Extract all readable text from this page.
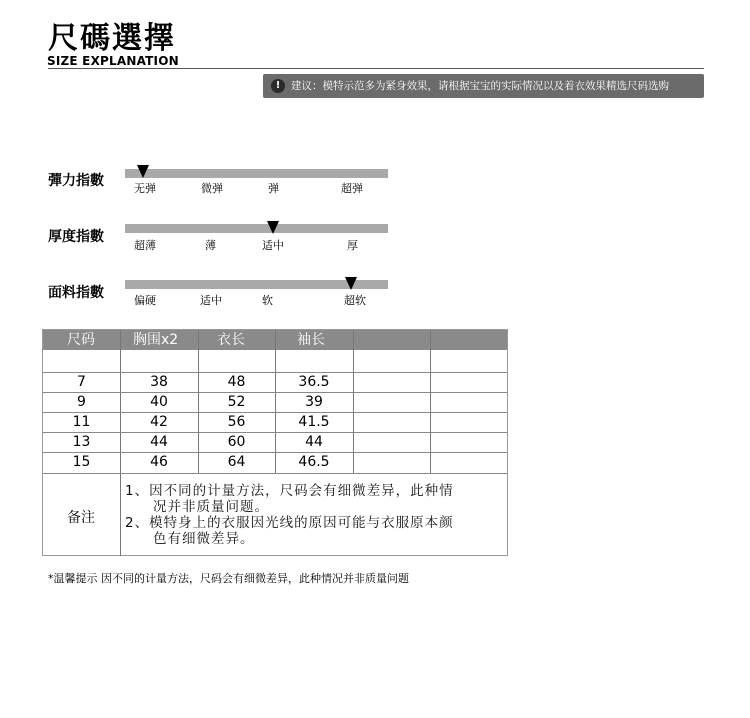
尺碼選擇
SIZE EXPLANATION
!	建议：模特示范多为紧身效果，请根据宝宝的实际情况以及着衣效果精选尺码选购
彈力指數	无弹	微弹	弹	超弹
厚度指數
超薄	薄	适中	厚
面料指數	偏硬	适中	软	超软
尺码	胸围x2	衣长	袖长
7	38	48	36.5
9	40	52	39
11	42	56	41.5
13	44	60	44
15	46	64	46.5
备注
1、因不同的计量方法，尺码会有细微差异，此种情
况并非质量问题。
2、模特身上的衣服因光线的原因可能与衣服原本颜
色有细微差异。
*温馨提示 因不同的计量方法，尺码会有细微差异，此种情况并非质量问题
